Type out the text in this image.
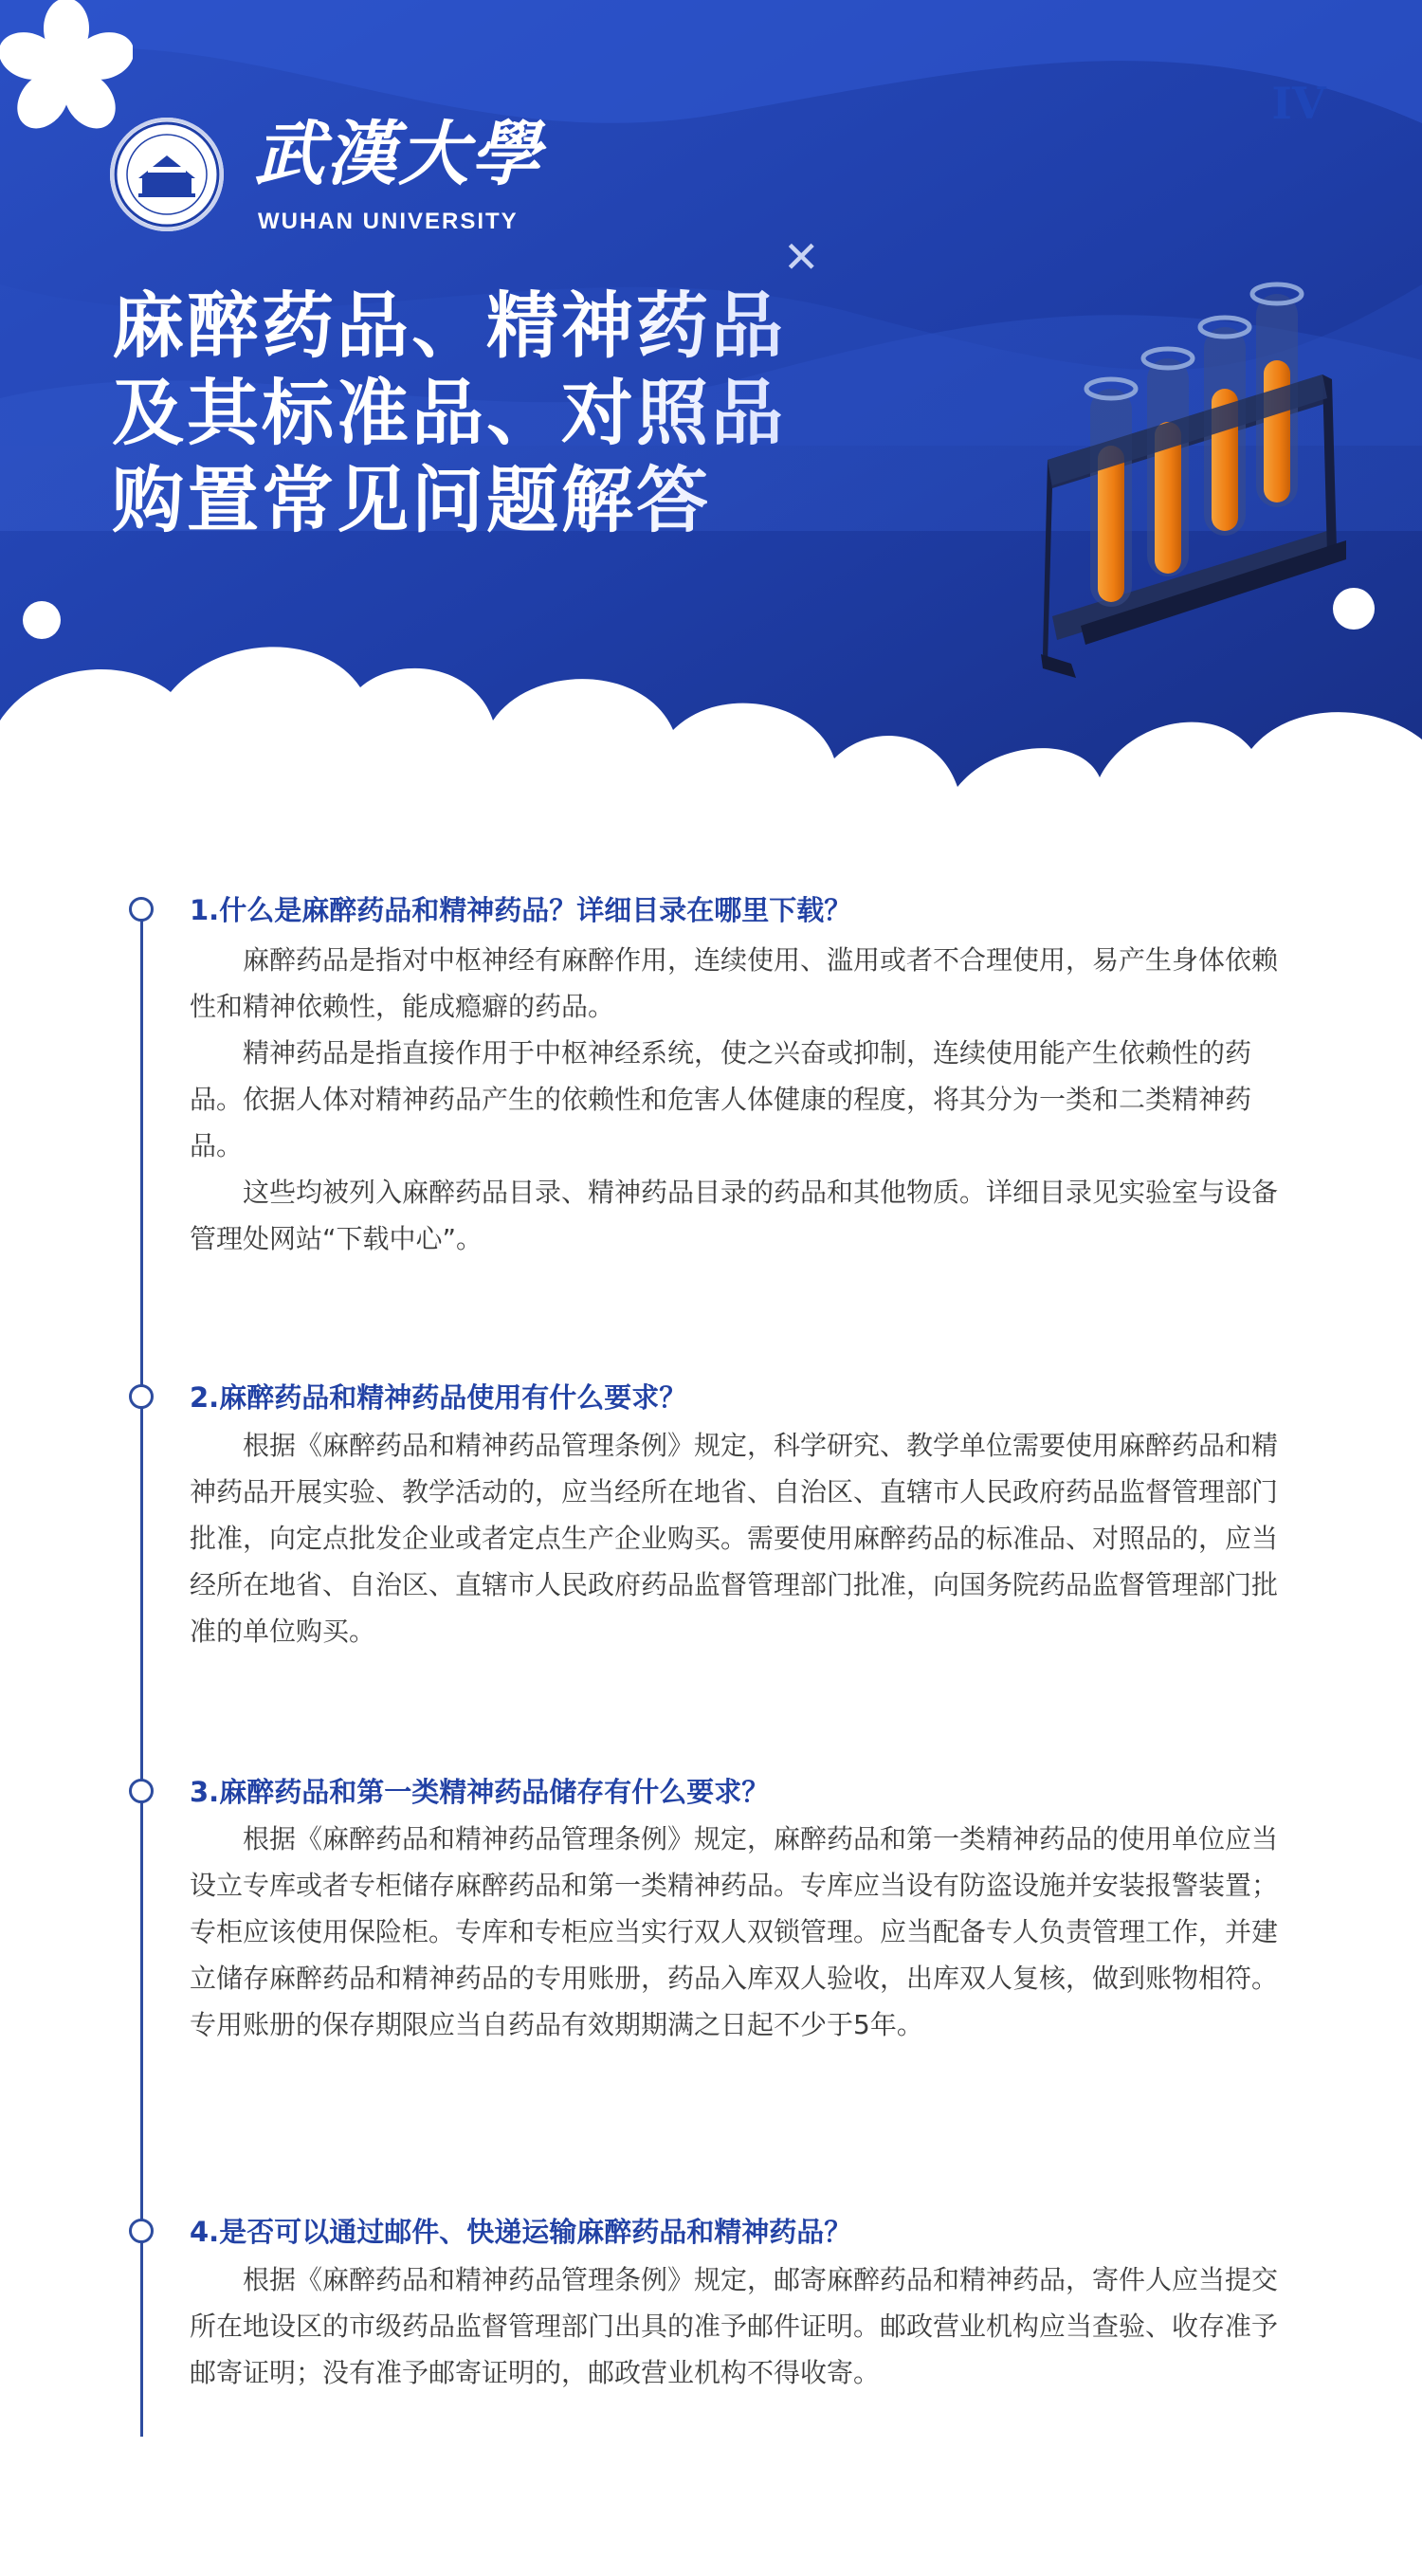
武漢大學
WUHAN UNIVERSITY
IV
✕
麻醉药品、精神药品
及其标准品、对照品
购置常见问题解答
1.什么是麻醉药品和精神药品？详细目录在哪里下载？

麻醉药品是指对中枢神经有麻醉作用，连续使用、滥用或者不合理使用，易产生身体依赖性和精神依赖性，能成瘾癖的药品。

精神药品是指直接作用于中枢神经系统，使之兴奋或抑制，连续使用能产生依赖性的药品。依据人体对精神药品产生的依赖性和危害人体健康的程度，将其分为一类和二类精神药品。

这些均被列入麻醉药品目录、精神药品目录的药品和其他物质。详细目录见实验室与设备管理处网站“下载中心”。

2.麻醉药品和精神药品使用有什么要求？

根据《麻醉药品和精神药品管理条例》规定，科学研究、教学单位需要使用麻醉药品和精神药品开展实验、教学活动的，应当经所在地省、自治区、直辖市人民政府药品监督管理部门批准，向定点批发企业或者定点生产企业购买。需要使用麻醉药品的标准品、对照品的，应当经所在地省、自治区、直辖市人民政府药品监督管理部门批准，向国务院药品监督管理部门批准的单位购买。

3.麻醉药品和第一类精神药品储存有什么要求？

根据《麻醉药品和精神药品管理条例》规定，麻醉药品和第一类精神药品的使用单位应当设立专库或者专柜储存麻醉药品和第一类精神药品。专库应当设有防盗设施并安装报警装置；专柜应该使用保险柜。专库和专柜应当实行双人双锁管理。应当配备专人负责管理工作，并建立储存麻醉药品和精神药品的专用账册，药品入库双人验收，出库双人复核，做到账物相符。专用账册的保存期限应当自药品有效期期满之日起不少于5年。

4.是否可以通过邮件、快递运输麻醉药品和精神药品？

根据《麻醉药品和精神药品管理条例》规定，邮寄麻醉药品和精神药品，寄件人应当提交所在地设区的市级药品监督管理部门出具的准予邮件证明。邮政营业机构应当查验、收存准予邮寄证明；没有准予邮寄证明的，邮政营业机构不得收寄。
